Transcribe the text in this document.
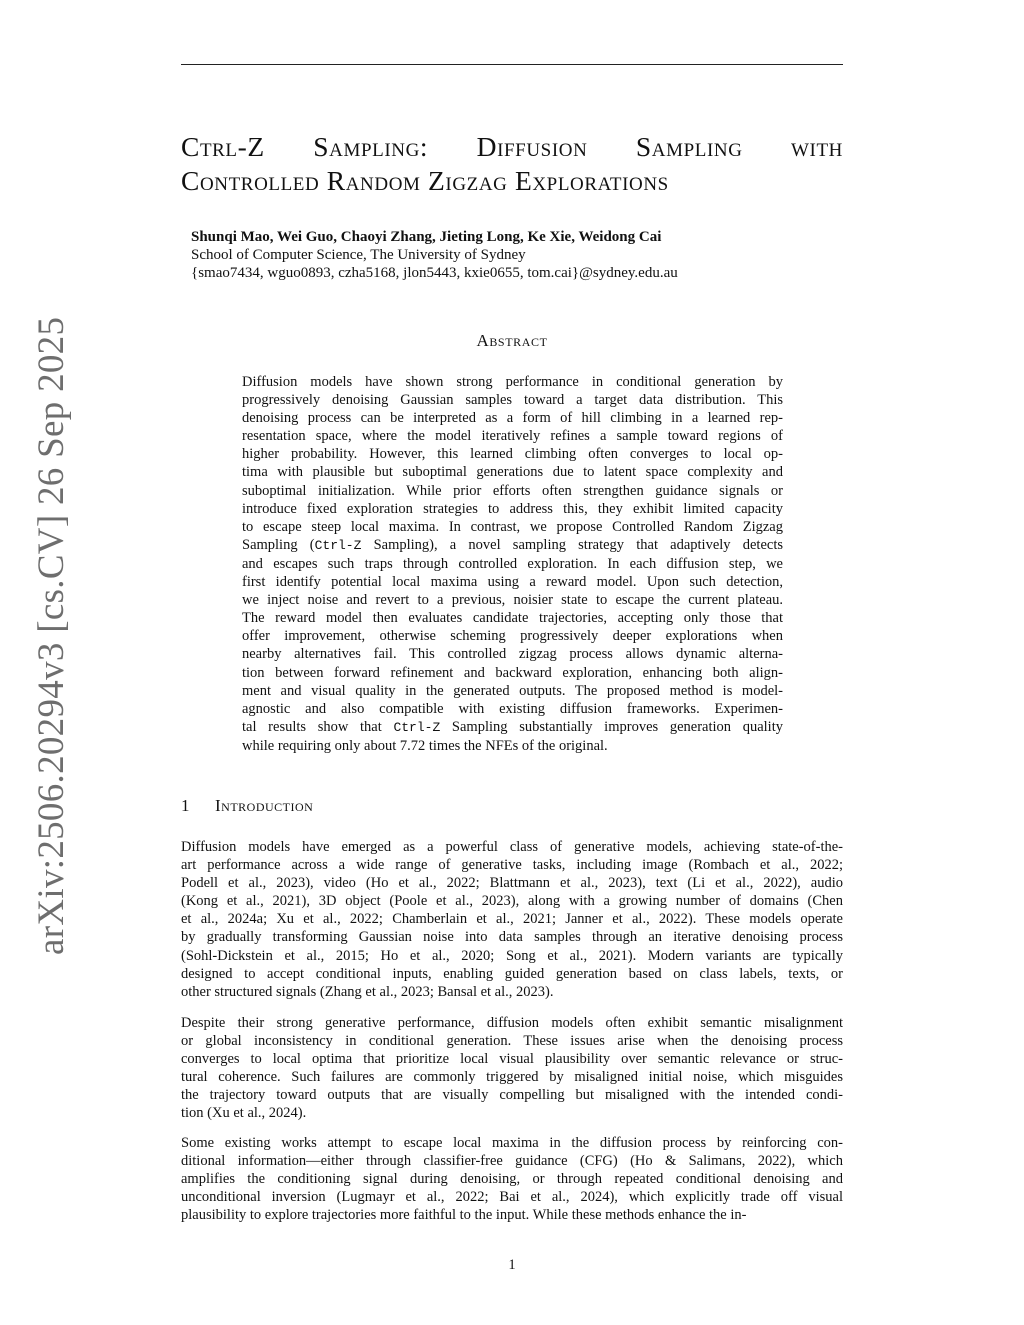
Ctrl-Z Sampling: Diffusion Sampling with
Controlled Random Zigzag Explorations
Shunqi Mao, Wei Guo, Chaoyi Zhang, Jieting Long, Ke Xie, Weidong Cai
School of Computer Science, The University of Sydney
{smao7434, wguo0893, czha5168, jlon5443, kxie0655, tom.cai}@sydney.edu.au
Abstract
Diffusion models have shown strong performance in conditional generation by
progressively denoising Gaussian samples toward a target data distribution. This
denoising process can be interpreted as a form of hill climbing in a learned rep-
resentation space, where the model iteratively refines a sample toward regions of
higher probability. However, this learned climbing often converges to local op-
tima with plausible but suboptimal generations due to latent space complexity and
suboptimal initialization. While prior efforts often strengthen guidance signals or
introduce fixed exploration strategies to address this, they exhibit limited capacity
to escape steep local maxima. In contrast, we propose Controlled Random Zigzag
Sampling (Ctrl-Z Sampling), a novel sampling strategy that adaptively detects
and escapes such traps through controlled exploration. In each diffusion step, we
first identify potential local maxima using a reward model. Upon such detection,
we inject noise and revert to a previous, noisier state to escape the current plateau.
The reward model then evaluates candidate trajectories, accepting only those that
offer improvement, otherwise scheming progressively deeper explorations when
nearby alternatives fail. This controlled zigzag process allows dynamic alterna-
tion between forward refinement and backward exploration, enhancing both align-
ment and visual quality in the generated outputs. The proposed method is model-
agnostic and also compatible with existing diffusion frameworks. Experimen-
tal results show that Ctrl-Z Sampling substantially improves generation quality
while requiring only about 7.72 times the NFEs of the original.
1 Introduction
Diffusion models have emerged as a powerful class of generative models, achieving state-of-the-
art performance across a wide range of generative tasks, including image (Rombach et al., 2022;
Podell et al., 2023), video (Ho et al., 2022; Blattmann et al., 2023), text (Li et al., 2022), audio
(Kong et al., 2021), 3D object (Poole et al., 2023), along with a growing number of domains (Chen
et al., 2024a; Xu et al., 2022; Chamberlain et al., 2021; Janner et al., 2022). These models operate
by gradually transforming Gaussian noise into data samples through an iterative denoising process
(Sohl-Dickstein et al., 2015; Ho et al., 2020; Song et al., 2021). Modern variants are typically
designed to accept conditional inputs, enabling guided generation based on class labels, texts, or
other structured signals (Zhang et al., 2023; Bansal et al., 2023).
Despite their strong generative performance, diffusion models often exhibit semantic misalignment
or global inconsistency in conditional generation. These issues arise when the denoising process
converges to local optima that prioritize local visual plausibility over semantic relevance or struc-
tural coherence. Such failures are commonly triggered by misaligned initial noise, which misguides
the trajectory toward outputs that are visually compelling but misaligned with the intended condi-
tion (Xu et al., 2024).
Some existing works attempt to escape local maxima in the diffusion process by reinforcing con-
ditional information—either through classifier-free guidance (CFG) (Ho & Salimans, 2022), which
amplifies the conditioning signal during denoising, or through repeated conditional denoising and
unconditional inversion (Lugmayr et al., 2022; Bai et al., 2024), which explicitly trade off visual
plausibility to explore trajectories more faithful to the input. While these methods enhance the in-
1
arXiv:2506.20294v3 [cs.CV] 26 Sep 2025
